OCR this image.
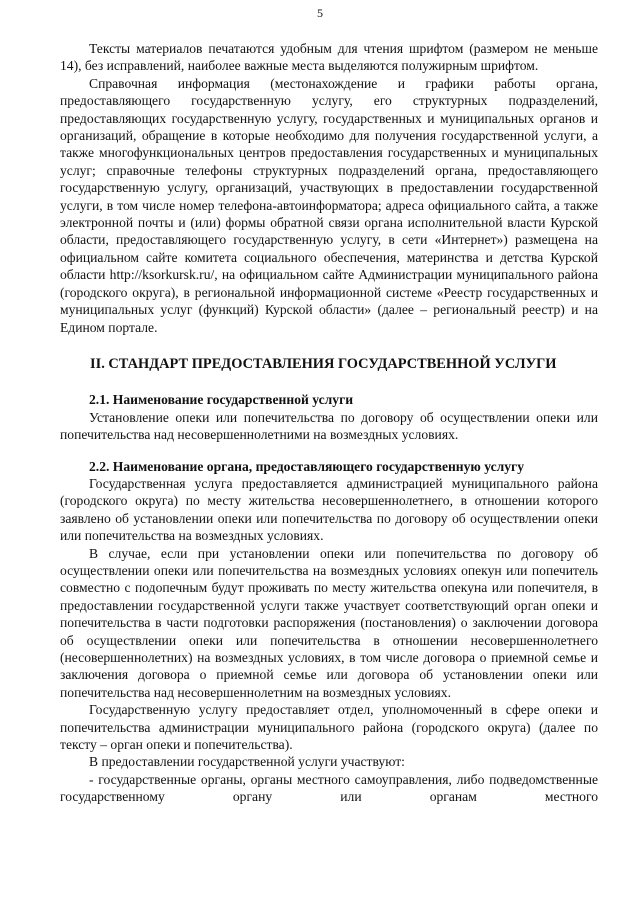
5

Тексты материалов печатаются удобным для чтения шрифтом (размером не меньше 14), без исправлений, наиболее важные места выделяются полужирным шрифтом.

Справочная информация (местонахождение и графики работы органа, предоставляющего государственную услугу, его структурных подразделений, предоставляющих государственную услугу, государственных и муниципальных органов и организаций, обращение в которые необходимо для получения государственной услуги, а также многофункциональных центров предоставления государственных и муниципальных услуг; справочные телефоны структурных подразделений органа, предоставляющего государственную услугу, организаций, участвующих в предоставлении государственной услуги, в том числе номер телефона-автоинформатора; адреса официального сайта, а также электронной почты и (или) формы обратной связи органа исполнительной власти Курской области, предоставляющего государственную услугу, в сети «Интернет») размещена на официальном сайте комитета социального обеспечения, материнства и детства Курской области http://ksorkursk.ru/, на официальном сайте Администрации муниципального района (городского округа), в региональной информационной системе «Реестр государственных и муниципальных услуг (функций) Курской области» (далее – региональный реестр) и на Едином портале.

II. СТАНДАРТ ПРЕДОСТАВЛЕНИЯ ГОСУДАРСТВЕННОЙ УСЛУГИ

2.1. Наименование государственной услуги

Установление опеки или попечительства по договору об осуществлении опеки или попечительства над несовершеннолетними на возмездных условиях.

2.2. Наименование органа, предоставляющего государственную услугу

Государственная услуга предоставляется администрацией муниципального района (городского округа) по месту жительства несовершеннолетнего, в отношении которого заявлено об установлении опеки или попечительства по договору об осуществлении опеки или попечительства на возмездных условиях.

В случае, если при установлении опеки или попечительства по договору об осуществлении опеки или попечительства на возмездных условиях опекун или попечитель совместно с подопечным будут проживать по месту жительства опекуна или попечителя, в предоставлении государственной услуги также участвует соответствующий орган опеки и попечительства в части подготовки распоряжения (постановления) о заключении договора об осуществлении опеки или попечительства в отношении несовершеннолетнего (несовершеннолетних) на возмездных условиях, в том числе договора о приемной семье и заключения договора о приемной семье или договора об установлении опеки или попечительства над несовершеннолетним на возмездных условиях.

Государственную услугу предоставляет отдел, уполномоченный в сфере опеки и попечительства администрации муниципального района (городского округа) (далее по тексту – орган опеки и попечительства).

В предоставлении государственной услуги участвуют:

- государственные органы, органы местного самоуправления, либо подведомственные государственному органу или органам местного
